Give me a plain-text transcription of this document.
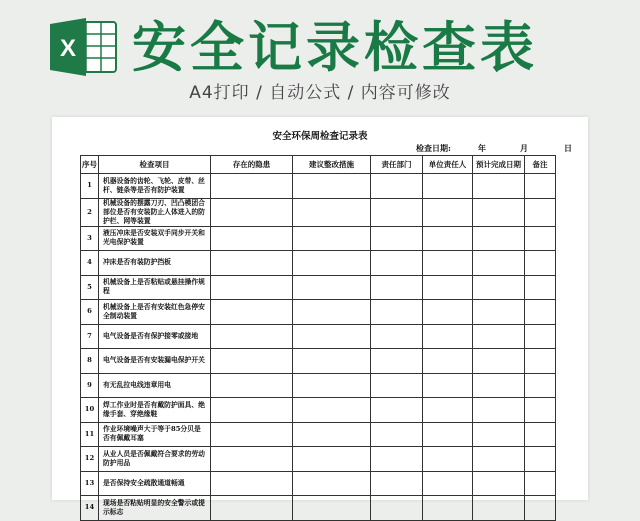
X 安全记录检查表
A4打印 / 自动公式 / 内容可修改
安全环保周检查记录表
检查日期:	年	月	日
序号	检查项目	存在的隐患	建议整改措施	责任部门	单位责任人	预计完成日期	备注
1	机器设备的齿轮、飞轮、皮带、丝杆、链条等是否有防护装置						
2	机械设备的摆露刀刃、凹凸模团合部位是否有安装防止人体进入的防护栏、网等装置						
3	液压冲床是否安装双手同步开关和光电保护装置						
4	冲床是否有装防护挡板						
5	机械设备上是否粘贴或悬挂操作规程						
6	机械设备上是否有安装红色急停安全制动装置						
7	电气设备是否有保护接零或接地						
8	电气设备是否有安装漏电保护开关						
9	有无乱拉电线违章用电						
10	焊工作业时是否有戴防护面具、绝缘手套、穿绝缘鞋						
11	作业环境噪声大于等于85分贝是否有佩戴耳塞						
12	从业人员是否佩戴符合要求的劳动防护用品						
13	是否保持安全疏散通道畅通						
14	现场是否粘贴明显的安全警示或提示标志						
